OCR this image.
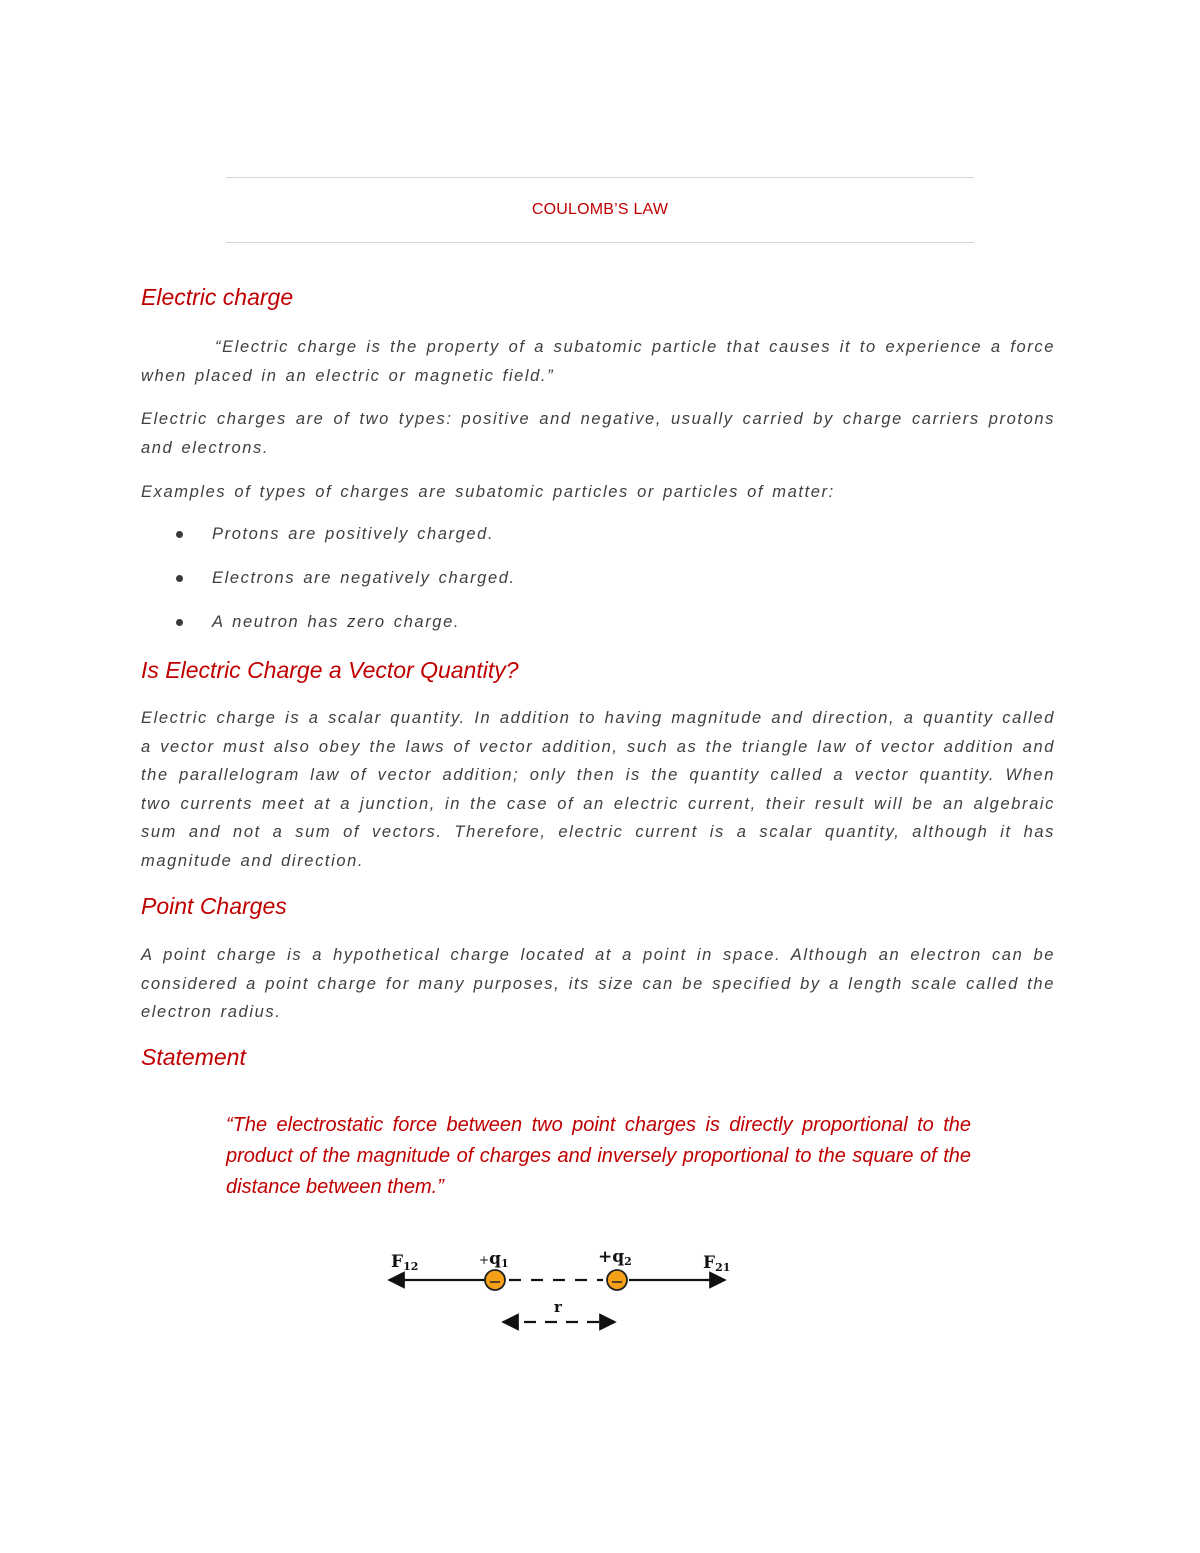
COULOMB’S LAW
Electric charge

“Electric charge is the property of a subatomic particle that causes it to experience a force when placed in an electric or magnetic field.”

Electric charges are of two types: positive and negative, usually carried by charge carriers protons and electrons.

Examples of types of charges are subatomic particles or particles of matter:

Protons are positively charged.
Electrons are negatively charged.
A neutron has zero charge.
Is Electric Charge a Vector Quantity?

Electric charge is a scalar quantity. In addition to having magnitude and direction, a quantity called a vector must also obey the laws of vector addition, such as the triangle law of vector addition and the parallelogram law of vector addition; only then is the quantity called a vector quantity. When two currents meet at a junction, in the case of an electric current, their result will be an algebraic sum and not a sum of vectors. Therefore, electric current is a scalar quantity, although it has magnitude and direction.

Point Charges

A point charge is a hypothetical charge located at a point in space. Although an electron can be considered a point charge for many purposes, its size can be specified by a length scale called the electron radius.

Statement

“The electrostatic force between two point charges is directly proportional to the product of the magnitude of charges and inversely proportional to the square of the distance between them.”

F12	+q1	+q2	F21
r
